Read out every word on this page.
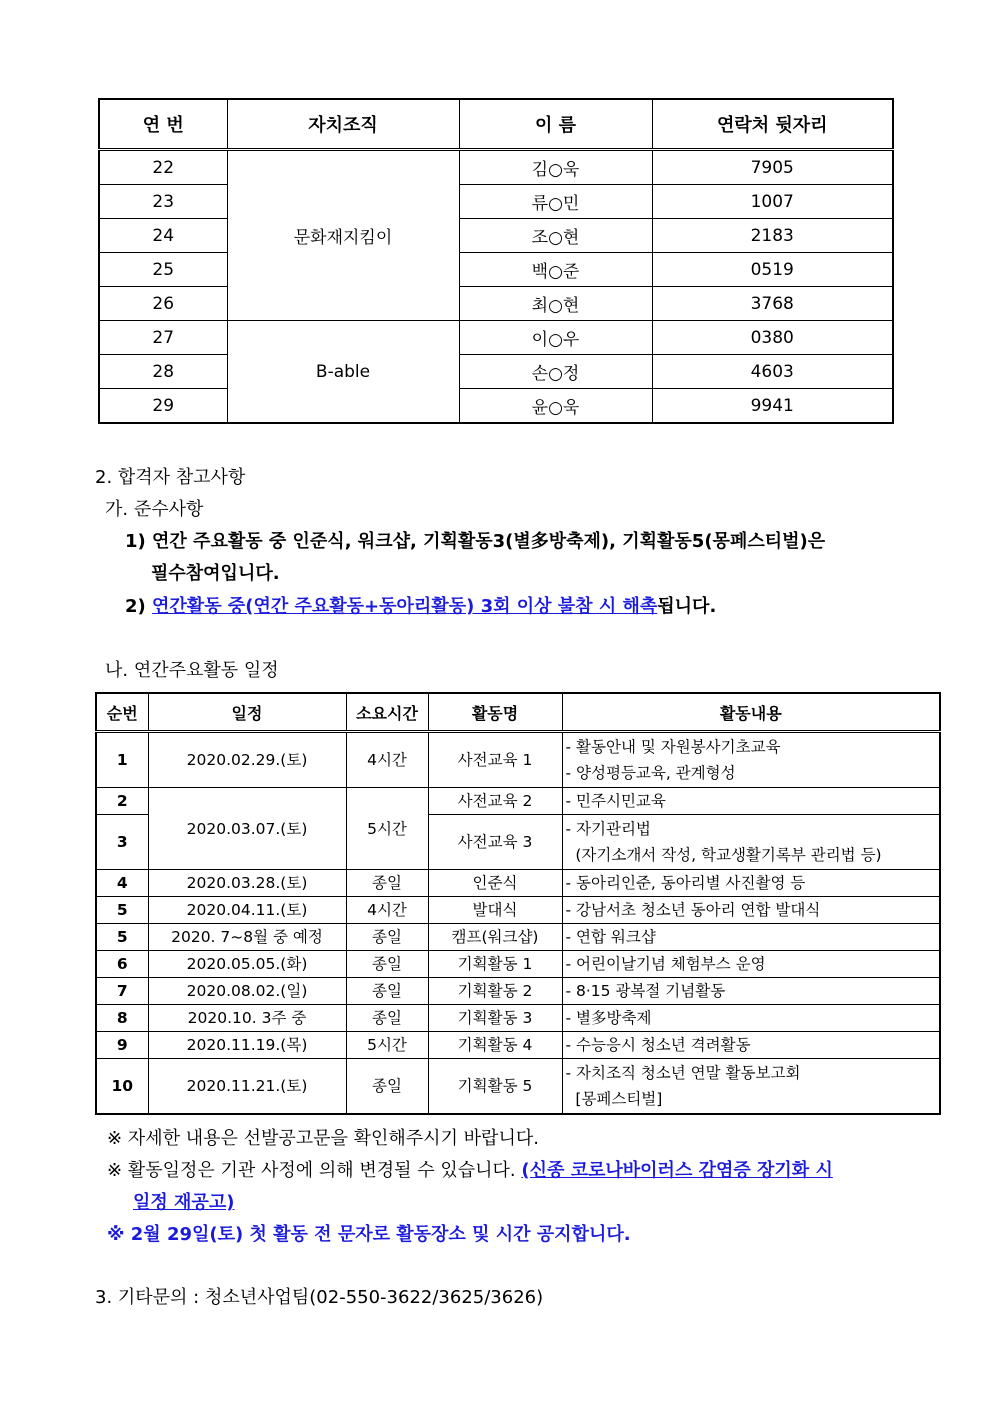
연 번	자치조직	이 름	연락처 뒷자리
22	문화재지킴이	김○욱	7905
23		류○민	1007
24		조○현	2183
25		백○준	0519
26		최○현	3768
27	B-able	이○우	0380
28		손○정	4603
29		윤○욱	9941
2. 합격자 참고사항
가. 준수사항
1) 연간 주요활동 중 인준식, 워크샵, 기획활동3(별多방축제), 기획활동5(몽페스티벌)은
필수참여입니다.
2) 연간활동 중(연간 주요활동+동아리활동) 3회 이상 불참 시 해촉됩니다.
나. 연간주요활동 일정
순번	일정	소요시간	활동명	활동내용
1	2020.02.29.(토)	4시간	사전교육 1	- 활동안내 및 자원봉사기초교육
- 양성평등교육, 관계형성

2	2020.03.07.(토)	5시간	사전교육 2	- 민주시민교육

3			사전교육 3	- 자기관리법
(자기소개서 작성, 학교생활기록부 관리법 등)

4	2020.03.28.(토)	종일	인준식	- 동아리인준, 동아리별 사진촬영 등

5	2020.04.11.(토)	4시간	발대식	- 강남서초 청소년 동아리 연합 발대식

5	2020. 7~8월 중 예정	종일	캠프(워크샵)	- 연합 워크샵

6	2020.05.05.(화)	종일	기획활동 1	- 어린이날기념 체험부스 운영

7	2020.08.02.(일)	종일	기획활동 2	- 8·15 광복절 기념활동

8	2020.10. 3주 중	종일	기획활동 3	- 별多방축제

9	2020.11.19.(목)	5시간	기획활동 4	- 수능응시 청소년 격려활동

10	2020.11.21.(토)	종일	기획활동 5	- 자치조직 청소년 연말 활동보고회
[몽페스티벌]
※ 자세한 내용은 선발공고문을 확인해주시기 바랍니다.
※ 활동일정은 기관 사정에 의해 변경될 수 있습니다. (신종 코로나바이러스 감염증 장기화 시
일정 재공고)
※ 2월 29일(토) 첫 활동 전 문자로 활동장소 및 시간 공지합니다.
3. 기타문의 : 청소년사업팀(02-550-3622/3625/3626)
